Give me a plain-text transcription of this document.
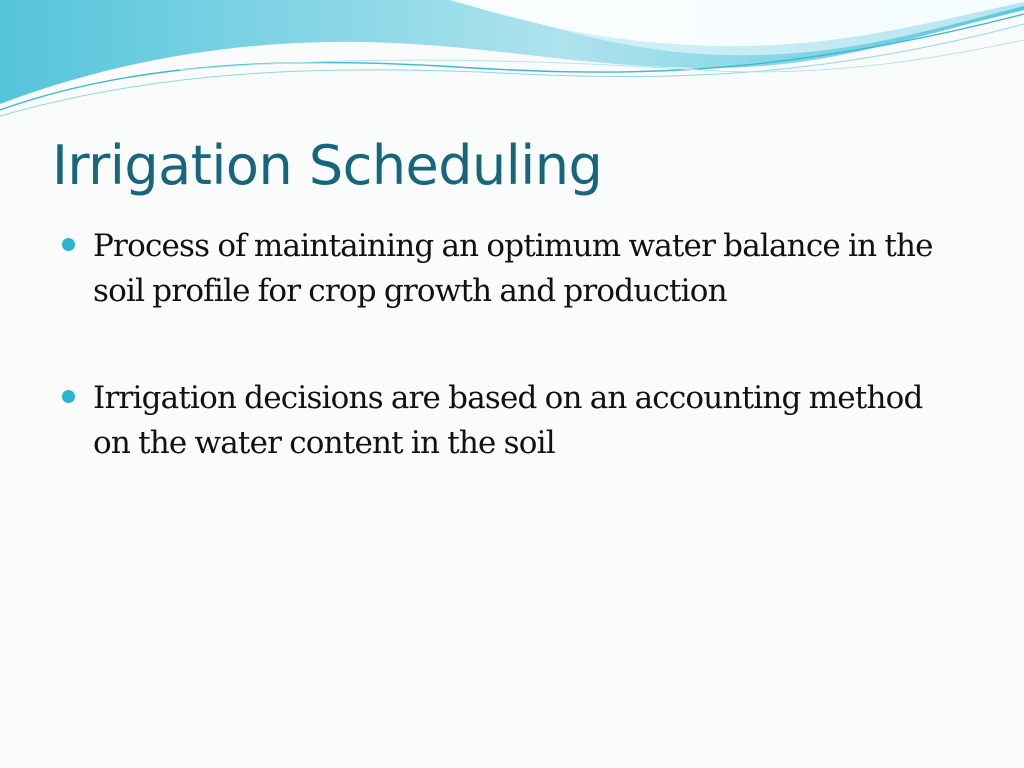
Irrigation Scheduling
Process of maintaining an optimum water balance in the soil profile for crop growth and production
Irrigation decisions are based on an accounting method on the water content in the soil
